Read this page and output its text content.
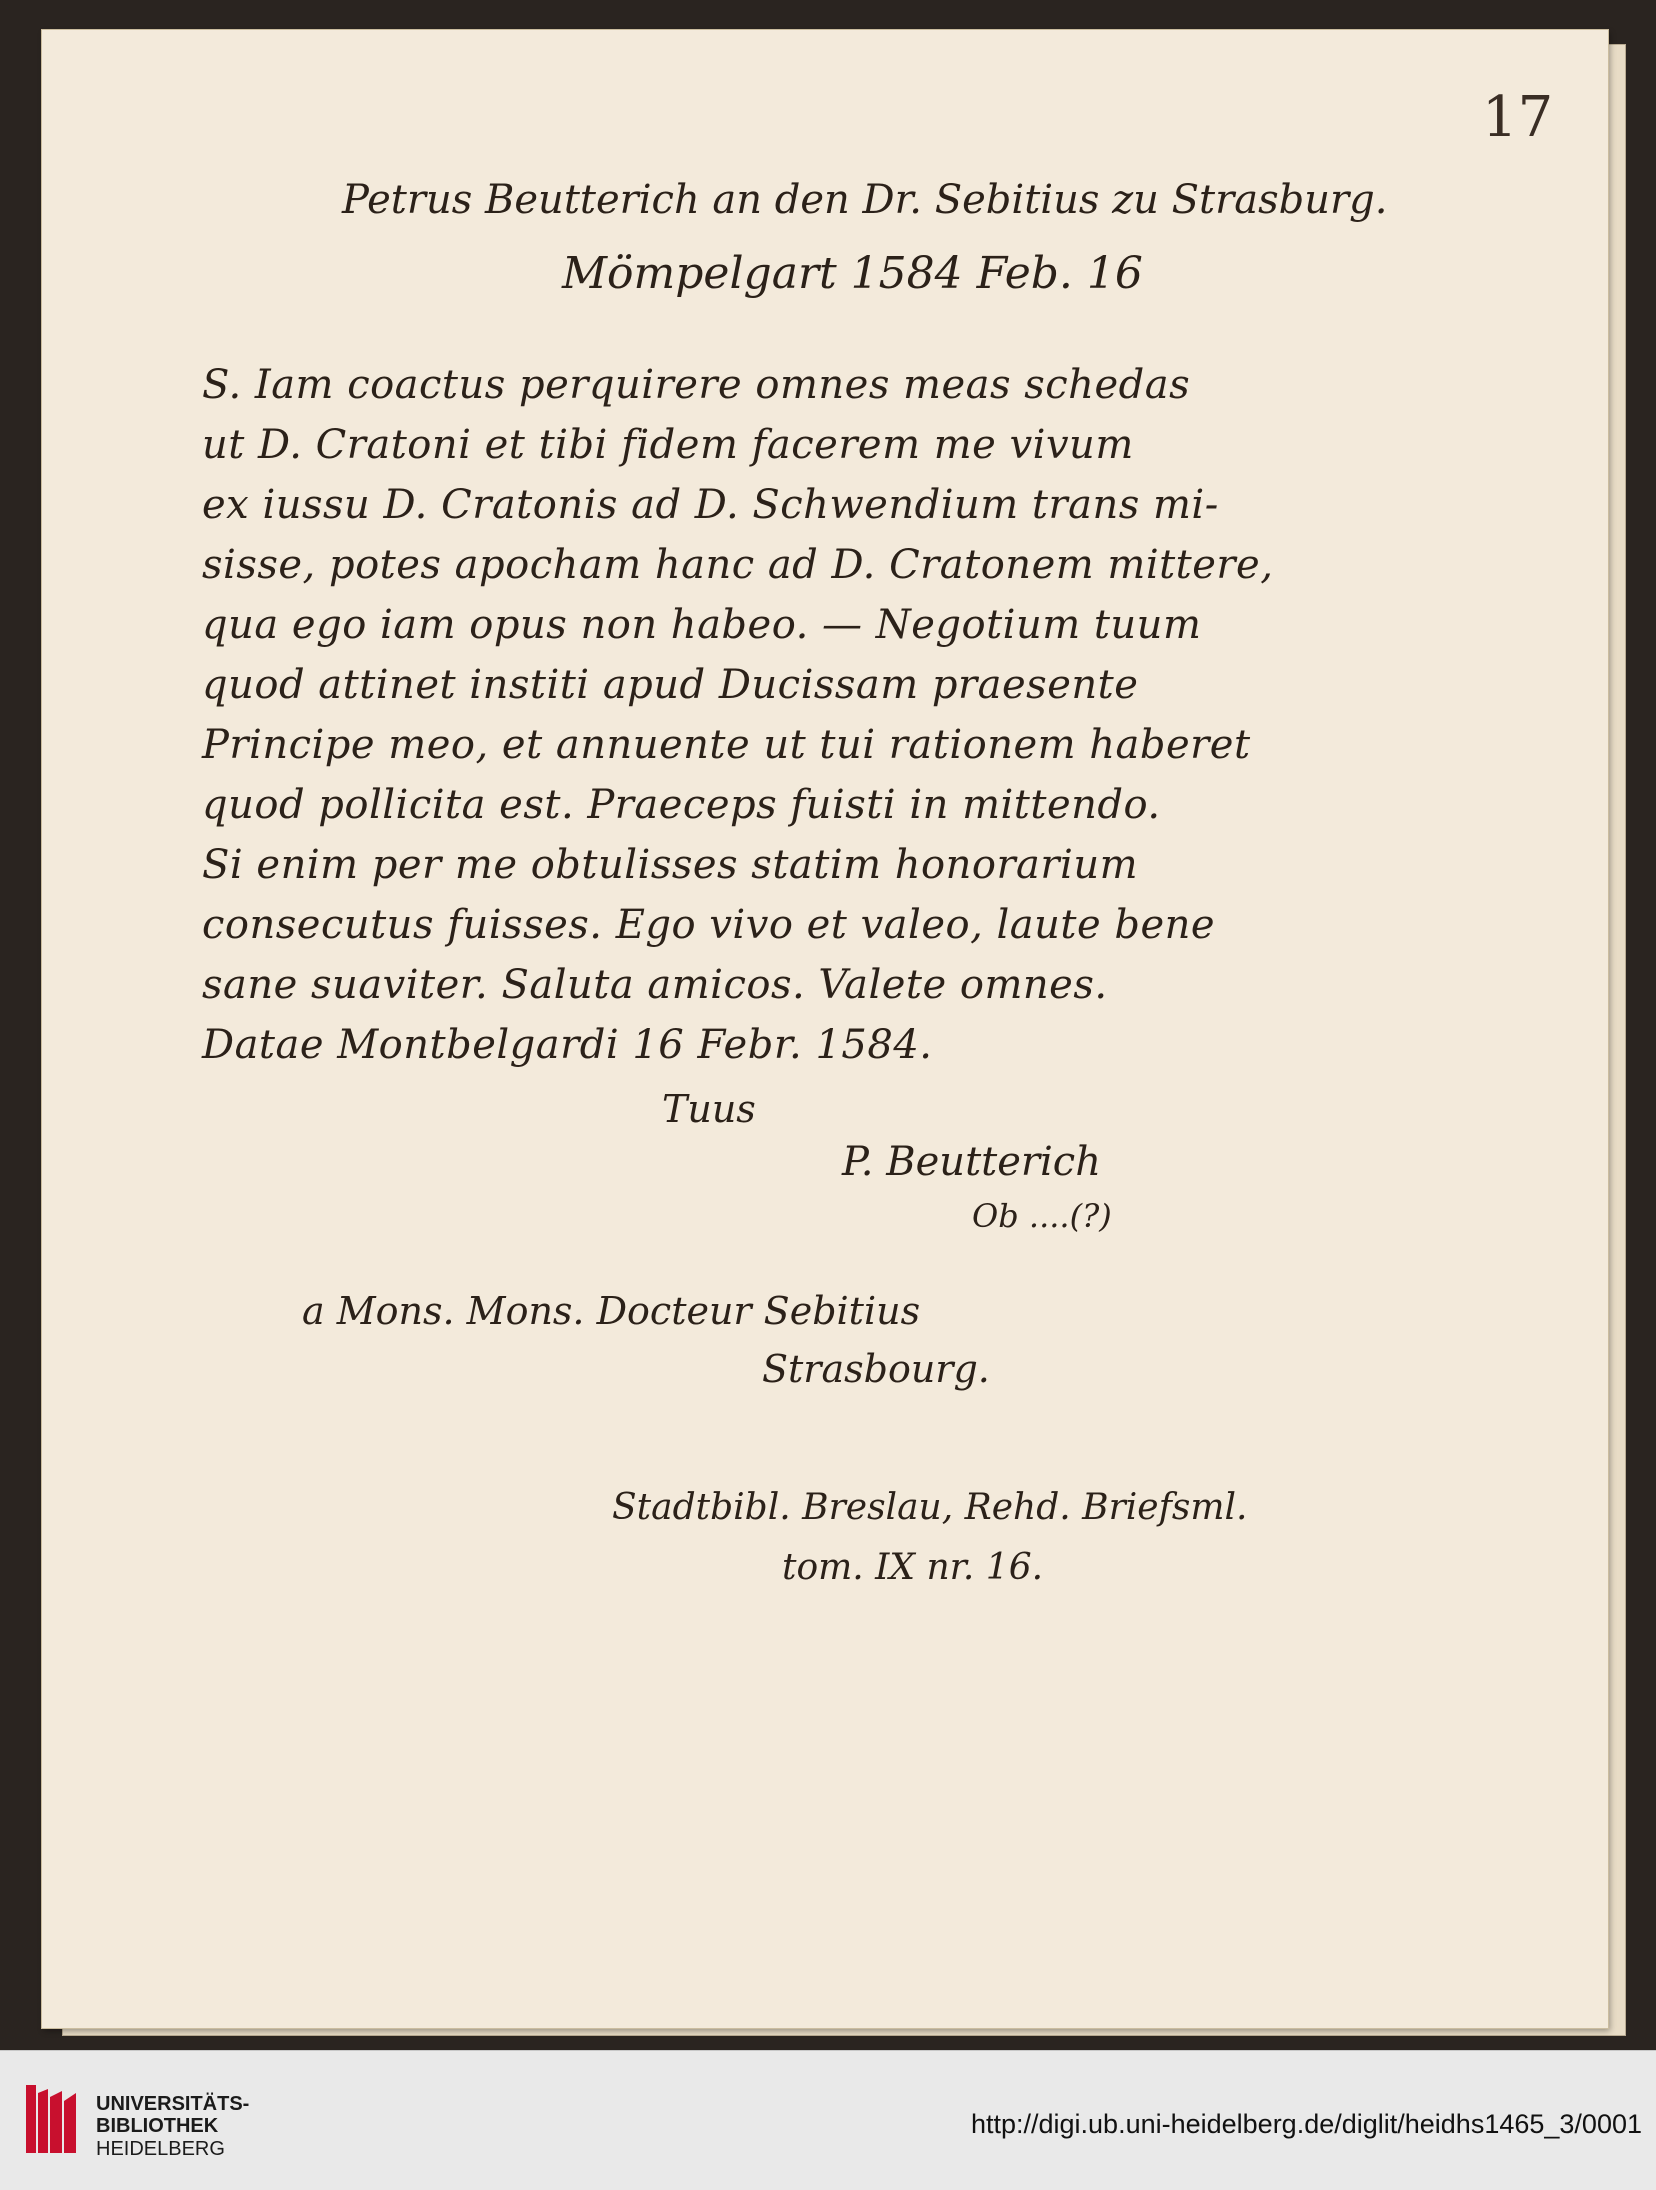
17
Petrus Beutterich an den Dr. Sebitius zu Strasburg.
Mömpelgart 1584 Feb. 16
S. Iam coactus perquirere omnes meas schedas
ut D. Cratoni et tibi fidem facerem me vivum
ex iussu D. Cratonis ad D. Schwendium trans mi-
sisse, potes apocham hanc ad D. Cratonem mittere,
qua ego iam opus non habeo. — Negotium tuum
quod attinet institi apud Ducissam praesente
Principe meo, et annuente ut tui rationem haberet
quod pollicita est. Praeceps fuisti in mittendo.
Si enim per me obtulisses statim honorarium
consecutus fuisses. Ego vivo et valeo, laute bene
sane suaviter. Saluta amicos. Valete omnes.
Datae Montbelgardi 16 Febr. 1584.
Tuus
P. Beutterich
Ob ....(?)
a Mons. Mons. Docteur Sebitius
Strasbourg.
Stadtbibl. Breslau, Rehd. Briefsml.
tom. IX nr. 16.
UNIVERSITÄTS-
BIBLIOTHEK
HEIDELBERG
http://digi.ub.uni-heidelberg.de/diglit/heidhs1465_3/0001
